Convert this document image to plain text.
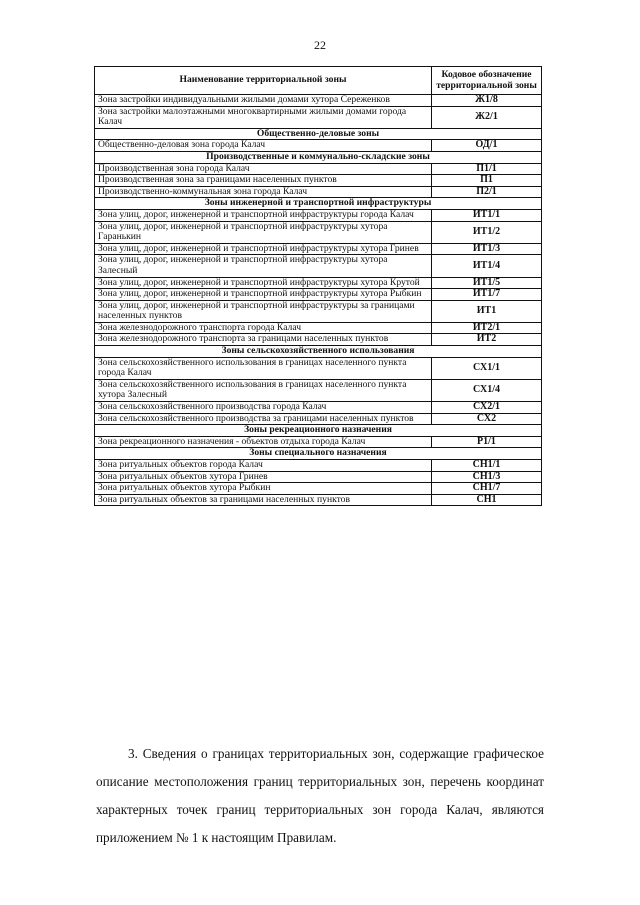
22
Наименование территориальной зоны	Кодовое обозначение территориальной зоны
Зона застройки индивидуальными жилыми домами хутора Сереженков	Ж1/8
Зона застройки малоэтажными многоквартирными жилыми домами города Калач	Ж2/1
Общественно-деловые зоны	
Общественно-деловая зона города Калач	ОД/1
Производственные и коммунально-складские зоны	
Производственная зона города Калач	П1/1
Производственная зона за границами населенных пунктов	П1
Производственно-коммунальная зона города Калач	П2/1
Зоны инженерной и транспортной инфраструктуры	
Зона улиц, дорог, инженерной и транспортной инфраструктуры города Калач	ИТ1/1
Зона улиц, дорог, инженерной и транспортной инфраструктуры хутора Гаранькин	ИТ1/2
Зона улиц, дорог, инженерной и транспортной инфраструктуры хутора Гринев	ИТ1/3
Зона улиц, дорог, инженерной и транспортной инфраструктуры хутора Залесный	ИТ1/4
Зона улиц, дорог, инженерной и транспортной инфраструктуры хутора Крутой	ИТ1/5
Зона улиц, дорог, инженерной и транспортной инфраструктуры хутора Рыбкин	ИТ1/7
Зона улиц, дорог, инженерной и транспортной инфраструктуры за границами населенных пунктов	ИТ1
Зона железнодорожного транспорта города Калач	ИТ2/1
Зона железнодорожного транспорта за границами населенных пунктов	ИТ2
Зоны сельскохозяйственного использования	
Зона сельскохозяйственного использования в границах населенного пункта города Калач	СХ1/1
Зона сельскохозяйственного использования в границах населенного пункта хутора Залесный	СХ1/4
Зона сельскохозяйственного производства города Калач	СХ2/1
Зона сельскохозяйственного производства за границами населенных пунктов	СХ2
Зоны рекреационного назначения	
Зона рекреационного назначения - объектов отдыха города Калач	Р1/1
Зоны специального назначения	
Зона ритуальных объектов города Калач	СН1/1
Зона ритуальных объектов хутора Гринев	СН1/3
Зона ритуальных объектов хутора Рыбкин	СН1/7
Зона ритуальных объектов за границами населенных пунктов	СН1
3. Сведения о границах территориальных зон, содержащие графическое описание местоположения границ территориальных зон, перечень координат характерных точек границ территориальных зон города Калач, являются приложением № 1 к настоящим Правилам.
